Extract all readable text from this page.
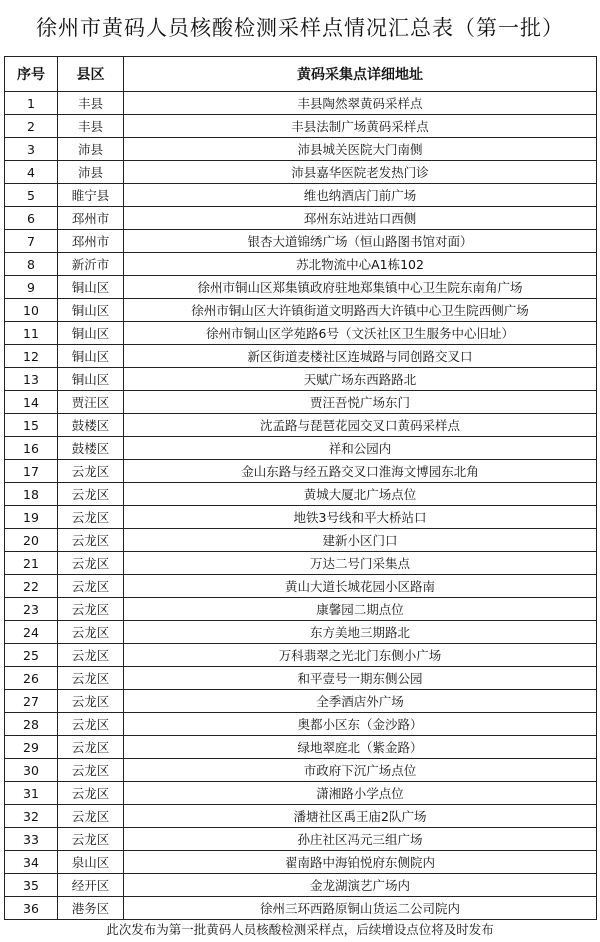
徐州市黄码人员核酸检测采样点情况汇总表（第一批）
序号	县区	黄码采集点详细地址
1	丰县	丰县陶然翠黄码采样点
2	丰县	丰县法制广场黄码采样点
3	沛县	沛县城关医院大门南侧
4	沛县	沛县嘉华医院老发热门诊
5	睢宁县	维也纳酒店门前广场
6	邳州市	邳州东站进站口西侧
7	邳州市	银杏大道锦绣广场（恒山路图书馆对面）
8	新沂市	苏北物流中心A1栋102
9	铜山区	徐州市铜山区郑集镇政府驻地郑集镇中心卫生院东南角广场
10	铜山区	徐州市铜山区大许镇街道文明路西大许镇中心卫生院西侧广场
11	铜山区	徐州市铜山区学苑路6号（文沃社区卫生服务中心旧址）
12	铜山区	新区街道麦楼社区连城路与同创路交叉口
13	铜山区	天赋广场东西路路北
14	贾汪区	贾汪吾悦广场东门
15	鼓楼区	沈孟路与琵琶花园交叉口黄码采样点
16	鼓楼区	祥和公园内
17	云龙区	金山东路与经五路交叉口淮海文博园东北角
18	云龙区	黄城大厦北广场点位
19	云龙区	地铁3号线和平大桥站口
20	云龙区	建新小区门口
21	云龙区	万达二号门采集点
22	云龙区	黄山大道长城花园小区路南
23	云龙区	康馨园二期点位
24	云龙区	东方美地三期路北
25	云龙区	万科翡翠之光北门东侧小广场
26	云龙区	和平壹号一期东侧公园
27	云龙区	全季酒店外广场
28	云龙区	奥都小区东（金沙路）
29	云龙区	绿地翠庭北（紫金路）
30	云龙区	市政府下沉广场点位
31	云龙区	潇湘路小学点位
32	云龙区	潘塘社区禹王庙2队广场
33	云龙区	孙庄社区冯元三组广场
34	泉山区	翟南路中海铂悦府东侧院内
35	经开区	金龙湖演艺广场内
36	港务区	徐州三环西路原铜山货运二公司院内
此次发布为第一批黄码人员核酸检测采样点，后续增设点位将及时发布
